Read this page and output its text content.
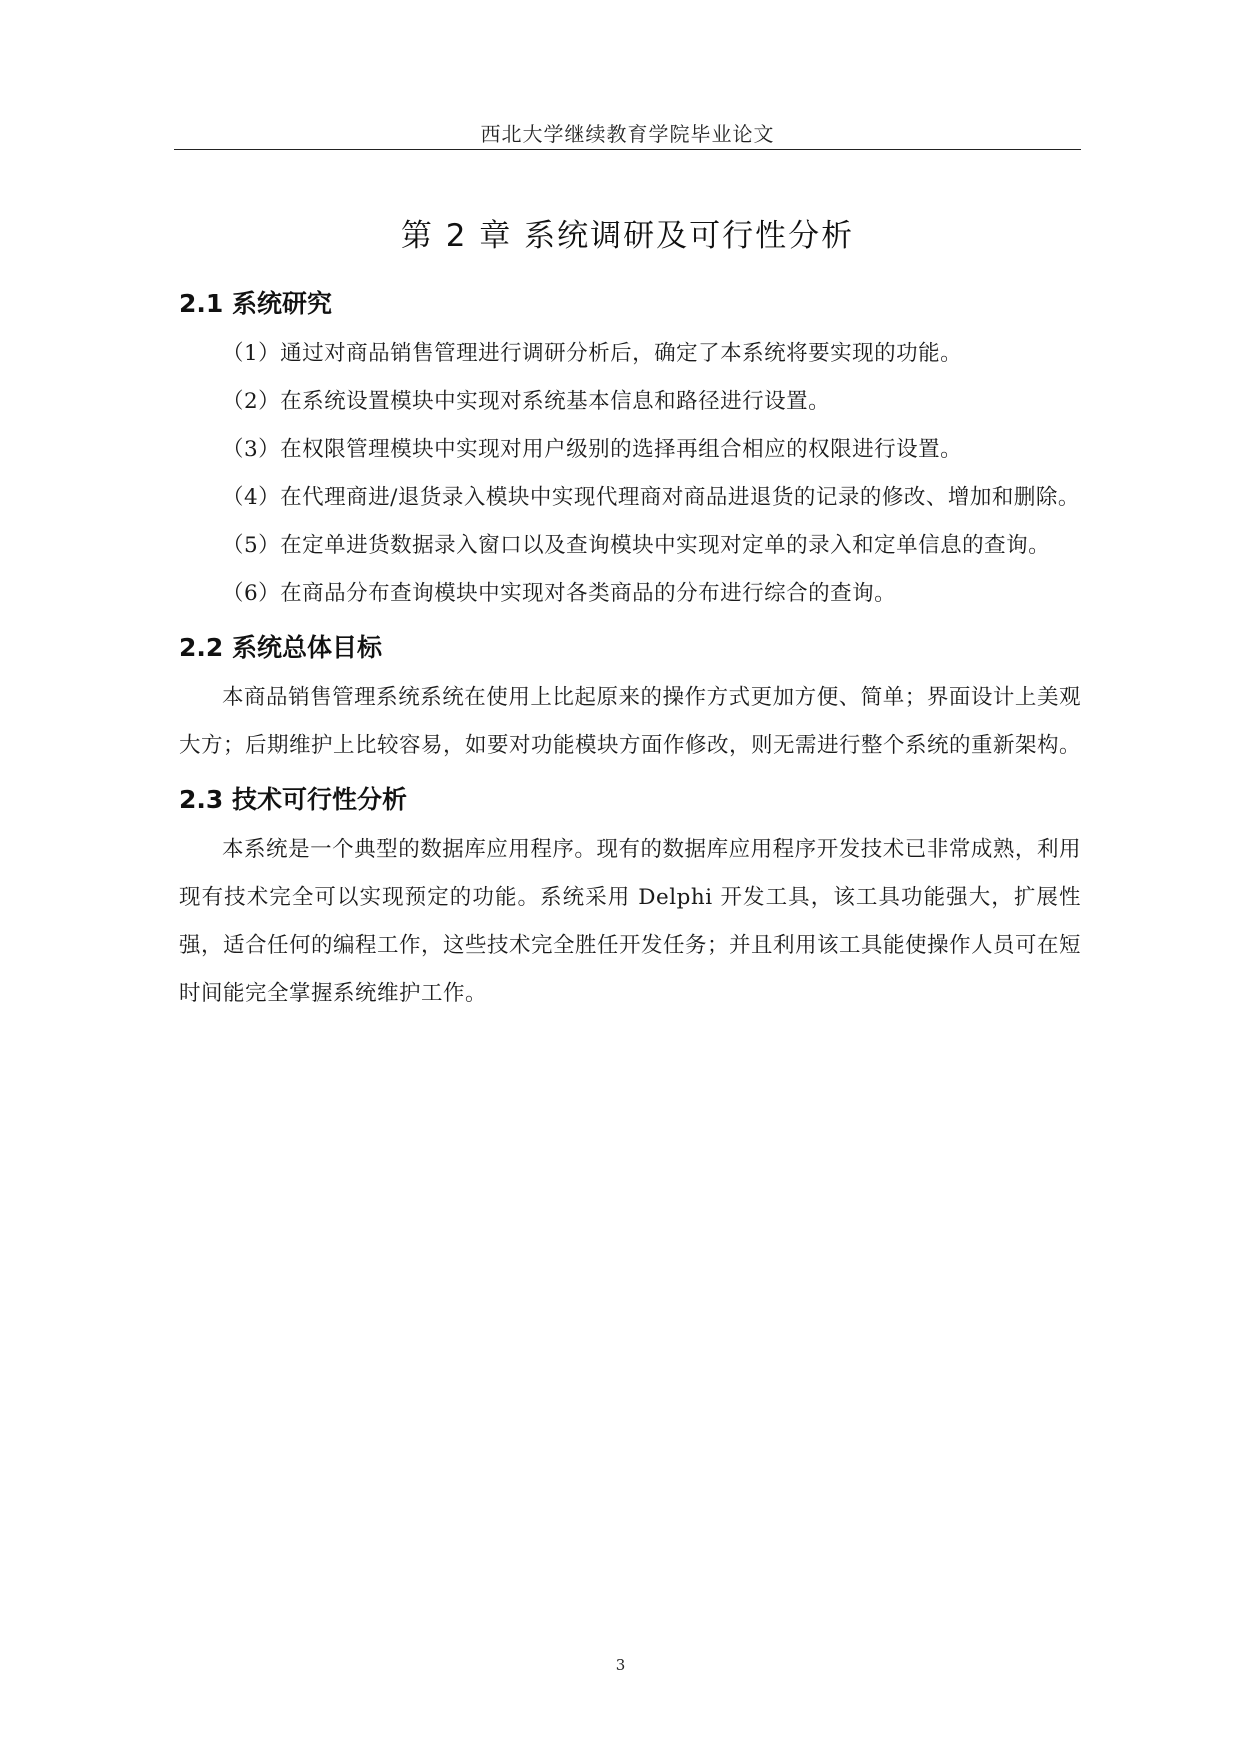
西北大学继续教育学院毕业论文
第 2 章 系统调研及可行性分析
2.1 系统研究

（1）通过对商品销售管理进行调研分析后，确定了本系统将要实现的功能。

（2）在系统设置模块中实现对系统基本信息和路径进行设置。

（3）在权限管理模块中实现对用户级别的选择再组合相应的权限进行设置。

（4）在代理商进/退货录入模块中实现代理商对商品进退货的记录的修改、增加和删除。

（5）在定单进货数据录入窗口以及查询模块中实现对定单的录入和定单信息的查询。

（6）在商品分布查询模块中实现对各类商品的分布进行综合的查询。

2.2 系统总体目标

本商品销售管理系统系统在使用上比起原来的操作方式更加方便、简单；界面设计上美观大方；后期维护上比较容易，如要对功能模块方面作修改，则无需进行整个系统的重新架构。

2.3 技术可行性分析

本系统是一个典型的数据库应用程序。现有的数据库应用程序开发技术已非常成熟，利用现有技术完全可以实现预定的功能。系统采用 Delphi 开发工具，该工具功能强大，扩展性强，适合任何的编程工作，这些技术完全胜任开发任务；并且利用该工具能使操作人员可在短时间能完全掌握系统维护工作。

3
